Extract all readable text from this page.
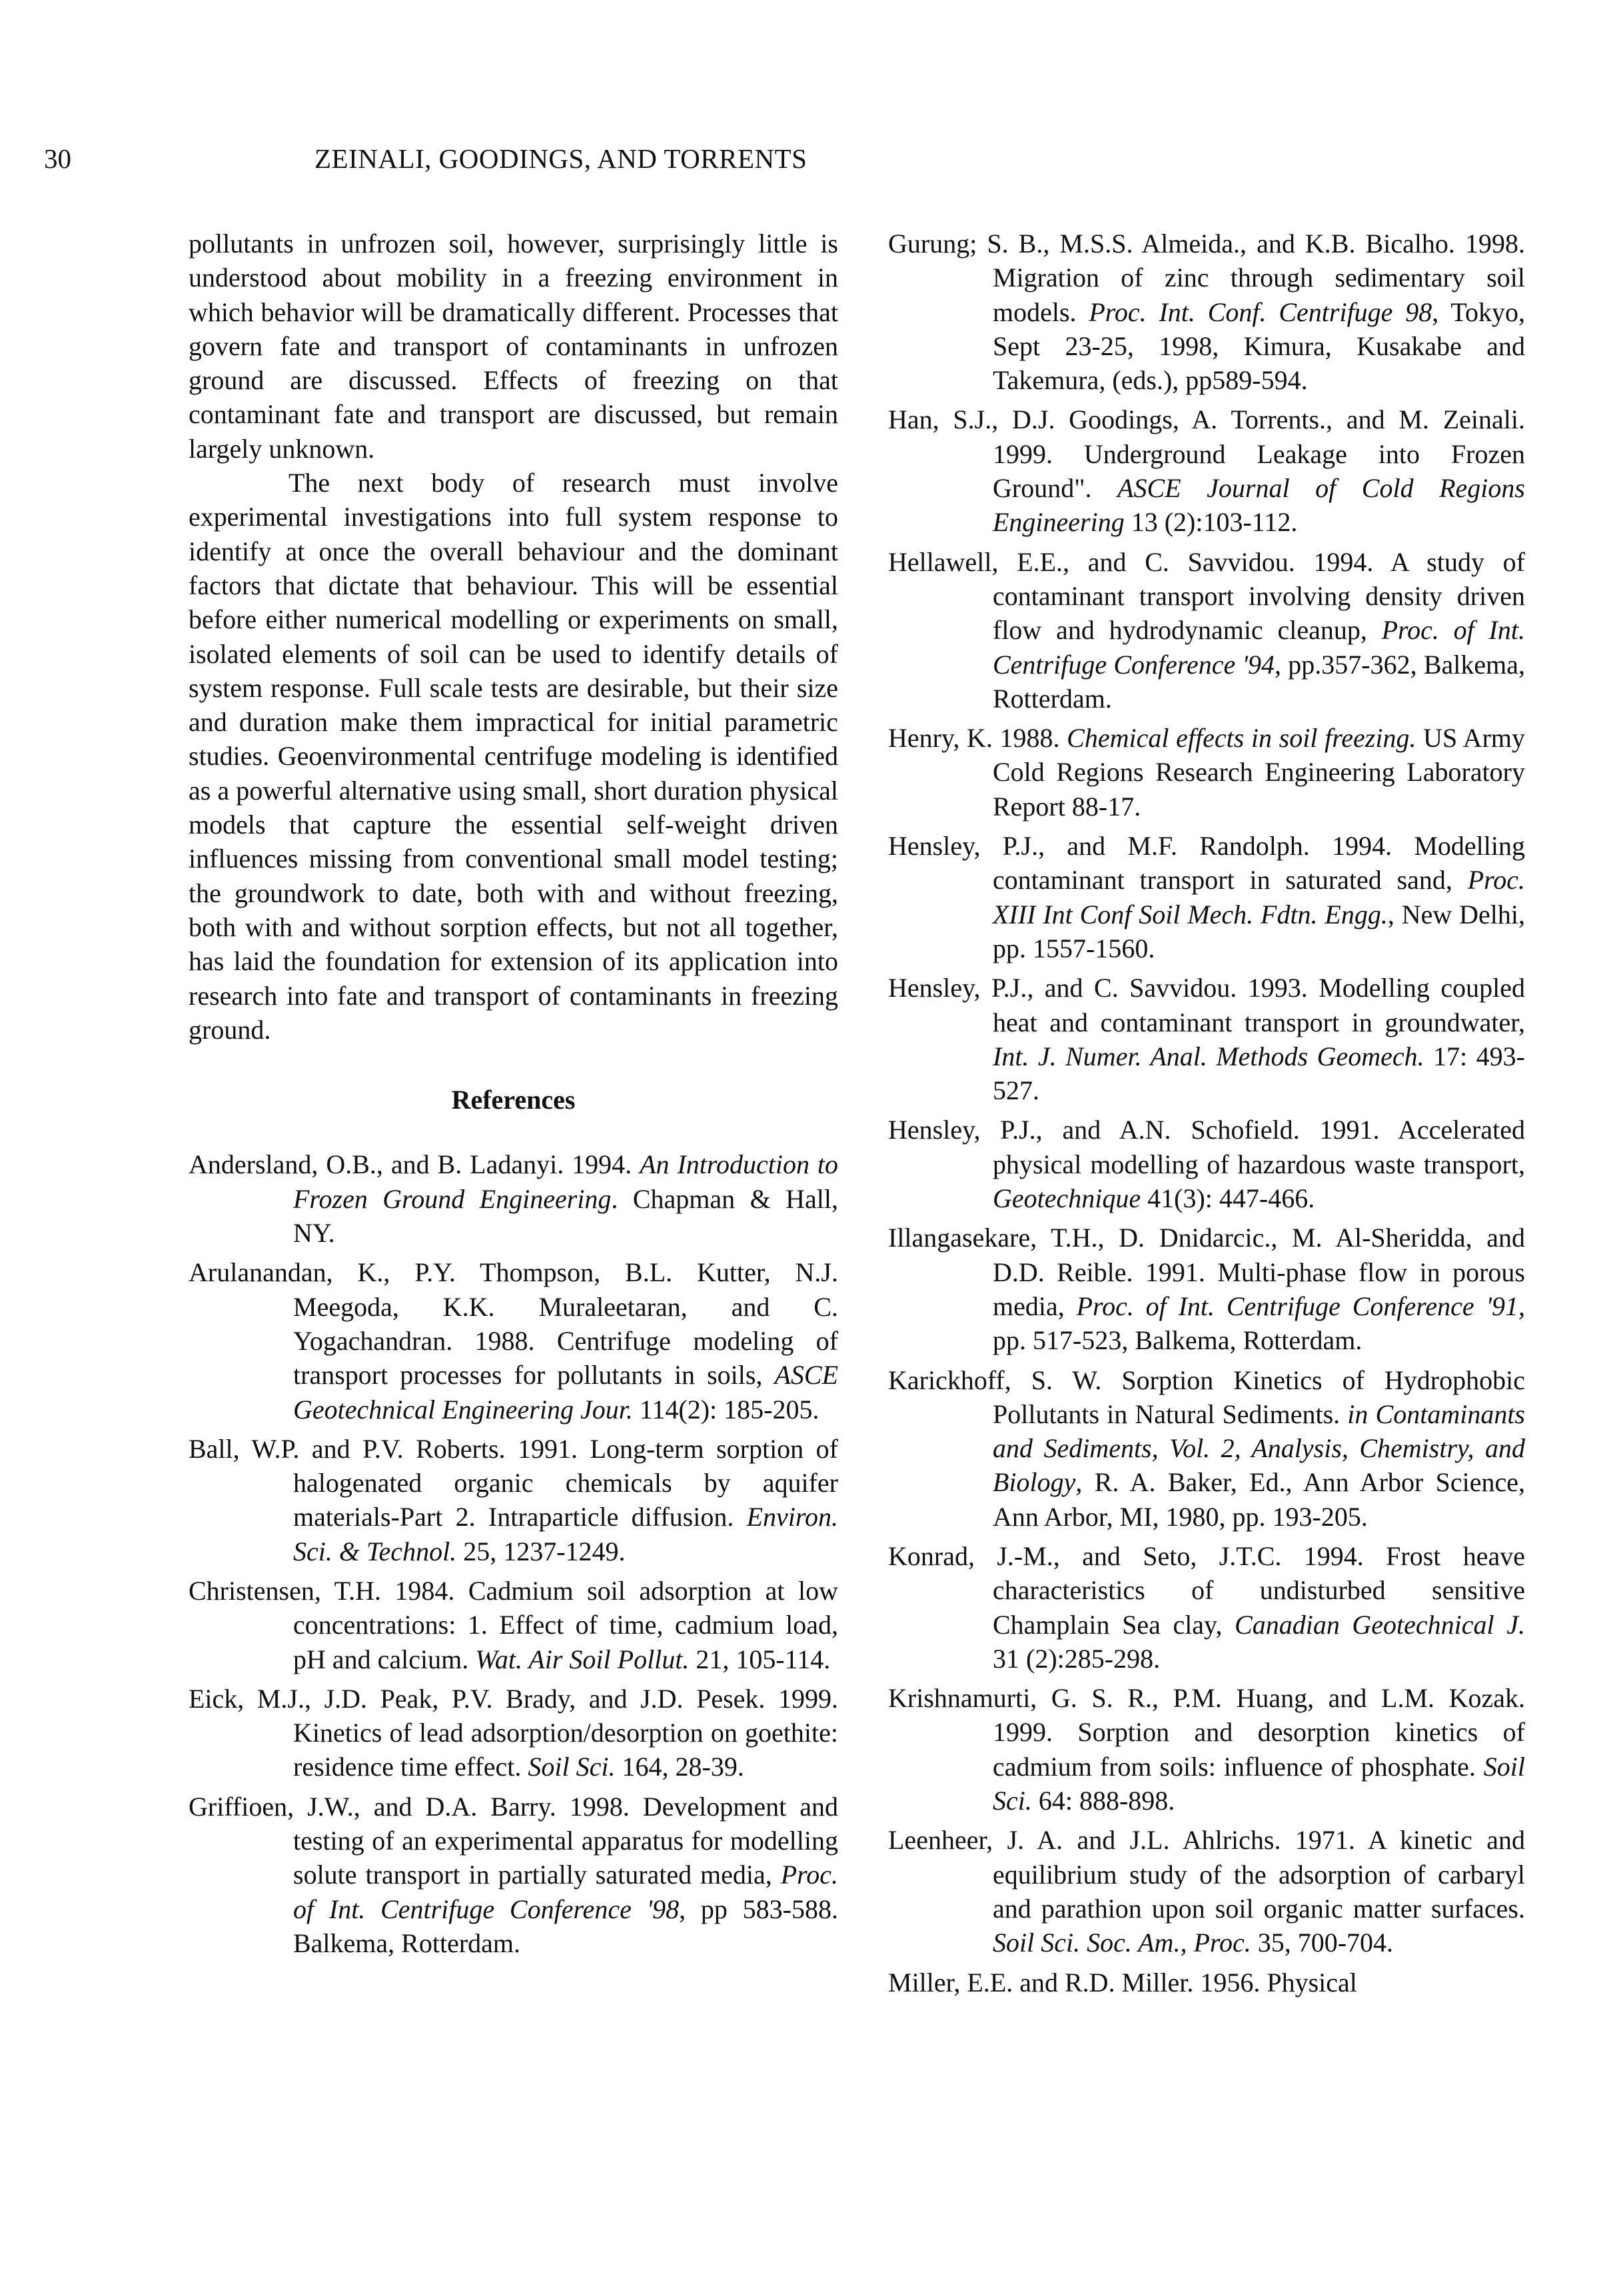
30	ZEINALI, GOODINGS, AND TORRENTS

pollutants in unfrozen soil, however, surprisingly little is understood about mobility in a freezing environment in which behavior will be dramatically different. Processes that govern fate and transport of contaminants in unfrozen ground are discussed. Effects of freezing on that contaminant fate and transport are discussed, but remain largely unknown.

The next body of research must involve experimental investigations into full system response to identify at once the overall behaviour and the dominant factors that dictate that behaviour. This will be essential before either numerical modelling or experiments on small, isolated elements of soil can be used to identify details of system response. Full scale tests are desirable, but their size and duration make them impractical for initial parametric studies. Geoenvironmental centrifuge modeling is identified as a powerful alternative using small, short duration physical models that capture the essential self-weight driven influences missing from conventional small model testing; the groundwork to date, both with and without freezing, both with and without sorption effects, but not all together, has laid the foundation for extension of its application into research into fate and transport of contaminants in freezing ground.

References

Andersland, O.B., and B. Ladanyi. 1994. An Introduction to Frozen Ground Engineering. Chapman & Hall, NY.

Arulanandan, K., P.Y. Thompson, B.L. Kutter, N.J. Meegoda, K.K. Muraleetaran, and C. Yogachandran. 1988. Centrifuge modeling of transport processes for pollutants in soils, ASCE Geotechnical Engineering Jour. 114(2): 185-205.

Ball, W.P. and P.V. Roberts. 1991. Long-term sorption of halogenated organic chemicals by aquifer materials-Part 2. Intraparticle diffusion. Environ. Sci. & Technol. 25, 1237-1249.

Christensen, T.H. 1984. Cadmium soil adsorption at low concentrations: 1. Effect of time, cadmium load, pH and calcium. Wat. Air Soil Pollut. 21, 105-114.

Eick, M.J., J.D. Peak, P.V. Brady, and J.D. Pesek. 1999. Kinetics of lead adsorption/desorption on goethite: residence time effect. Soil Sci. 164, 28-39.

Griffioen, J.W., and D.A. Barry. 1998. Development and testing of an experimental apparatus for modelling solute transport in partially saturated media, Proc. of Int. Centrifuge Conference '98, pp 583-588. Balkema, Rotterdam.

Gurung; S. B., M.S.S. Almeida., and K.B. Bicalho. 1998. Migration of zinc through sedimentary soil models. Proc. Int. Conf. Centrifuge 98, Tokyo, Sept 23-25, 1998, Kimura, Kusakabe and Takemura, (eds.), pp589-594.

Han, S.J., D.J. Goodings, A. Torrents., and M. Zeinali. 1999. Underground Leakage into Frozen Ground". ASCE Journal of Cold Regions Engineering 13 (2):103-112.

Hellawell, E.E., and C. Savvidou. 1994. A study of contaminant transport involving density driven flow and hydrodynamic cleanup, Proc. of Int. Centrifuge Conference '94, pp.357-362, Balkema, Rotterdam.

Henry, K. 1988. Chemical effects in soil freezing. US Army Cold Regions Research Engineering Laboratory Report 88-17.

Hensley, P.J., and M.F. Randolph. 1994. Modelling contaminant transport in saturated sand, Proc. XIII Int Conf Soil Mech. Fdtn. Engg., New Delhi, pp. 1557-1560.

Hensley, P.J., and C. Savvidou. 1993. Modelling coupled heat and contaminant transport in groundwater, Int. J. Numer. Anal. Methods Geomech. 17: 493-527.

Hensley, P.J., and A.N. Schofield. 1991. Accelerated physical modelling of hazardous waste transport, Geotechnique 41(3): 447-466.

Illangasekare, T.H., D. Dnidarcic., M. Al-Sheridda, and D.D. Reible. 1991. Multi-phase flow in porous media, Proc. of Int. Centrifuge Conference '91, pp. 517-523, Balkema, Rotterdam.

Karickhoff, S. W. Sorption Kinetics of Hydrophobic Pollutants in Natural Sediments. in Contaminants and Sediments, Vol. 2, Analysis, Chemistry, and Biology, R. A. Baker, Ed., Ann Arbor Science, Ann Arbor, MI, 1980, pp. 193-205.

Konrad, J.-M., and Seto, J.T.C. 1994. Frost heave characteristics of undisturbed sensitive Champlain Sea clay, Canadian Geotechnical J. 31 (2):285-298.

Krishnamurti, G. S. R., P.M. Huang, and L.M. Kozak. 1999. Sorption and desorption kinetics of cadmium from soils: influence of phosphate. Soil Sci. 64: 888-898.

Leenheer, J. A. and J.L. Ahlrichs. 1971. A kinetic and equilibrium study of the adsorption of carbaryl and parathion upon soil organic matter surfaces. Soil Sci. Soc. Am., Proc. 35, 700-704.

Miller, E.E. and R.D. Miller. 1956. Physical
